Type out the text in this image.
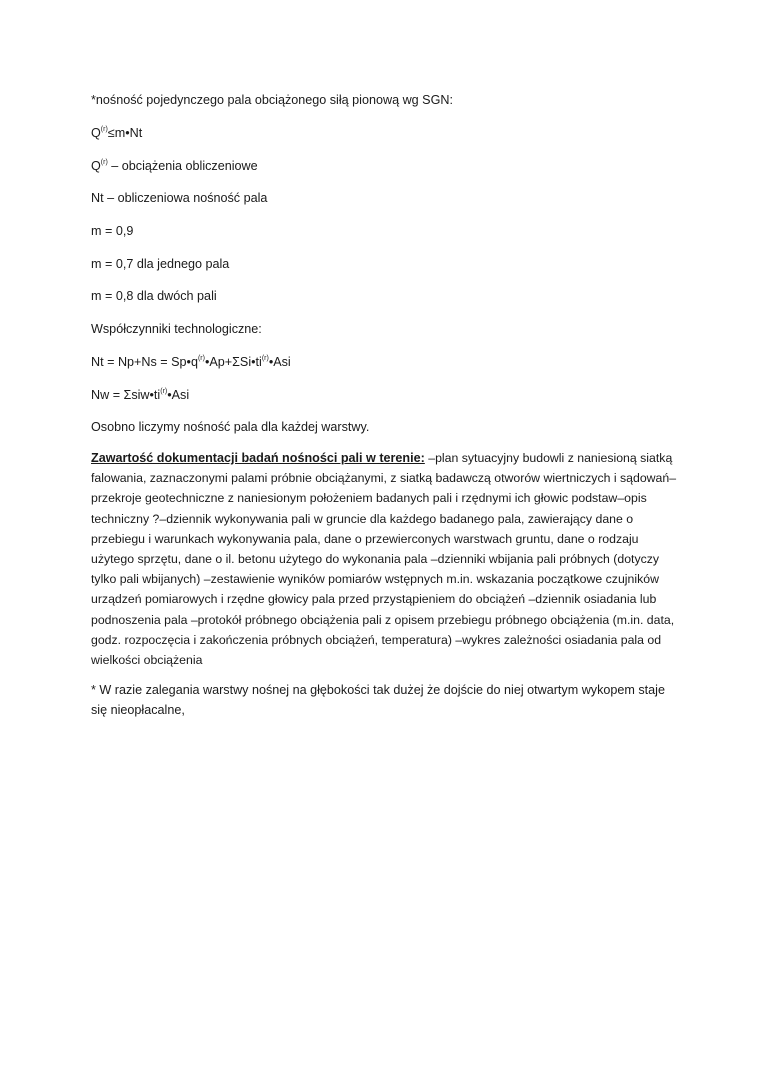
*nośność pojedynczego pala obciążonego siłą pionową wg SGN:
$Q^{(r)}\le m•Nt$
$Q^{(r)}$ – obciążenia obliczeniowe
Nt – obliczeniowa nośność pala
m = 0,9
m = 0,7 dla jednego pala
m = 0,8 dla dwóch pali
Współczynniki technologiczne:
$Nt = Np+Ns = Sp•q^{(r)}•Ap+\Sigma Si•ti^{(r)}•Asi$
$Nw = \Sigma siw•ti^{(r)}•Asi$
Osobno liczymy nośność pala dla każdej warstwy.
Zawartość dokumentacji badań nośności pali w terenie: –plan sytuacyjny budowli z naniesioną siatką falowania, zaznaczonymi palami próbnie obciążanymi, z siatką badawczą otworów wiertniczych i sądowań–przekroje geotechniczne z naniesionym położeniem badanych pali i rzędnymi ich głowic podstaw–opis techniczny ?–dziennik wykonywania pali w gruncie dla każdego badanego pala, zawierający dane o przebiegu i warunkach wykonywania pala, dane o przewierconych warstwach gruntu, dane o rodzaju użytego sprzętu, dane o il. betonu użytego do wykonania pala –dzienniki wbijania pali próbnych (dotyczy tylko pali wbijanych) –zestawienie wyników pomiarów wstępnych m.in. wskazania początkowe czujników urządzeń pomiarowych i rzędne głowicy pala przed przystąpieniem do obciążeń –dziennik osiadania lub podnoszenia pala –protokół próbnego obciążenia pali z opisem przebiegu próbnego obciążenia (m.in. data, godz. rozpoczęcia i zakończenia próbnych obciążeń, temperatura) –wykres zależności osiadania pala od wielkości obciążenia
* W razie zalegania warstwy nośnej na głębokości tak dużej że dojście do niej otwartym wykopem staje się nieopłacalne,
